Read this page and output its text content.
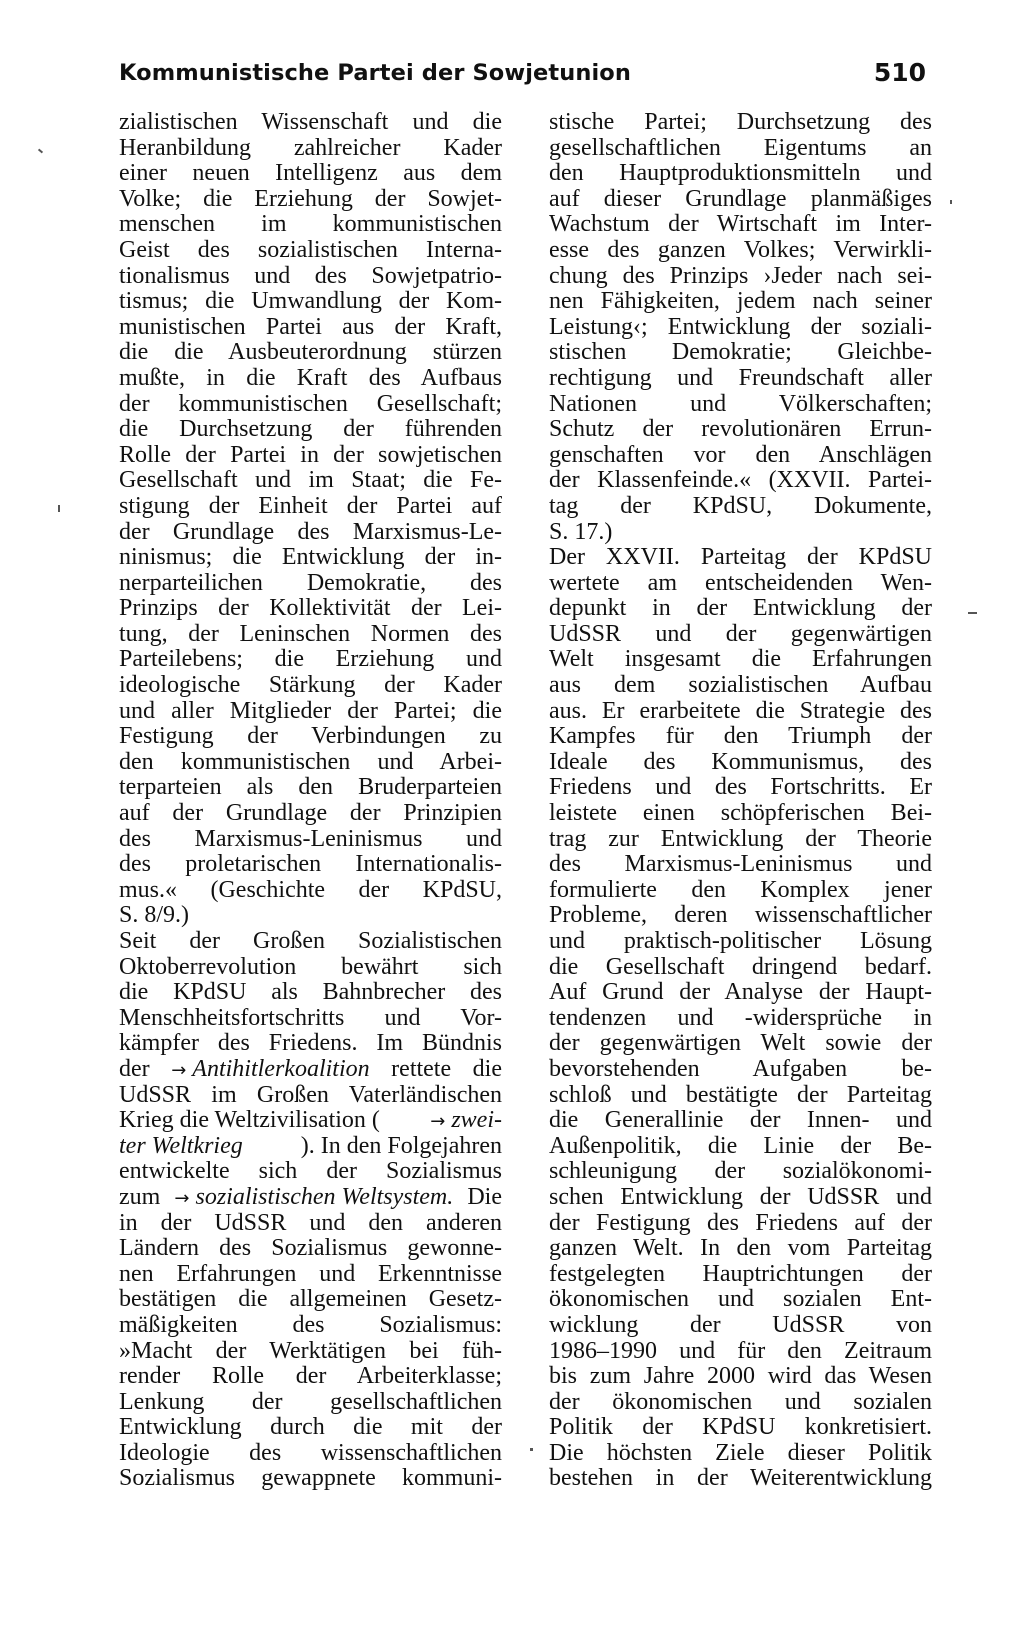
Kommunistische Partei der Sowjetunion	510
zialistischen Wissenschaft und die
Heranbildung zahlreicher Kader
einer neuen Intelligenz aus dem
Volke; die Erziehung der Sowjet-
menschen im kommunistischen
Geist des sozialistischen Interna-
tionalismus und des Sowjetpatrio-
tismus; die Umwandlung der Kom-
munistischen Partei aus der Kraft,
die die Ausbeuterordnung stürzen
mußte, in die Kraft des Aufbaus
der kommunistischen Gesellschaft;
die Durchsetzung der führenden
Rolle der Partei in der sowjetischen
Gesellschaft und im Staat; die Fe-
stigung der Einheit der Partei auf
der Grundlage des Marxismus-Le-
ninismus; die Entwicklung der in-
nerparteilichen Demokratie, des
Prinzips der Kollektivität der Lei-
tung, der Leninschen Normen des
Parteilebens; die Erziehung und
ideologische Stärkung der Kader
und aller Mitglieder der Partei; die
Festigung der Verbindungen zu
den kommunistischen und Arbei-
terparteien als den Bruderparteien
auf der Grundlage der Prinzipien
des Marxismus-Leninismus und
des proletarischen Internationalis-
mus.« (Geschichte der KPdSU,
S. 8/9.)
Seit der Großen Sozialistischen
Oktoberrevolution bewährt sich
die KPdSU als Bahnbrecher des
Menschheitsfortschritts und Vor-
kämpfer des Friedens. Im Bündnis
der → Antihitlerkoalition rettete die
UdSSR im Großen Vaterländischen
Krieg die Weltzivilisation (	→ zwei-
ter Weltkrieg ). In den Folgejahren
entwickelte sich der Sozialismus
zum → sozialistischen Weltsystem. Die
in der UdSSR und den anderen
Ländern des Sozialismus gewonne-
nen Erfahrungen und Erkenntnisse
bestätigen die allgemeinen Gesetz-
mäßigkeiten des Sozialismus:
»Macht der Werktätigen bei füh-
render Rolle der Arbeiterklasse;
Lenkung der gesellschaftlichen
Entwicklung durch die mit der
Ideologie des wissenschaftlichen
Sozialismus gewappnete kommuni-
stische Partei; Durchsetzung des
gesellschaftlichen Eigentums an
den Hauptproduktionsmitteln und
auf dieser Grundlage planmäßiges
Wachstum der Wirtschaft im Inter-
esse des ganzen Volkes; Verwirkli-
chung des Prinzips ›Jeder nach sei-
nen Fähigkeiten, jedem nach seiner
Leistung‹; Entwicklung der soziali-
stischen Demokratie; Gleichbe-
rechtigung und Freundschaft aller
Nationen und Völkerschaften;
Schutz der revolutionären Errun-
genschaften vor den Anschlägen
der Klassenfeinde.« (XXVII. Partei-
tag der KPdSU, Dokumente,
S. 17.)
Der XXVII. Parteitag der KPdSU
wertete am entscheidenden Wen-
depunkt in der Entwicklung der
UdSSR und der gegenwärtigen
Welt insgesamt die Erfahrungen
aus dem sozialistischen Aufbau
aus. Er erarbeitete die Strategie des
Kampfes für den Triumph der
Ideale des Kommunismus, des
Friedens und des Fortschritts. Er
leistete einen schöpferischen Bei-
trag zur Entwicklung der Theorie
des Marxismus-Leninismus und
formulierte den Komplex jener
Probleme, deren wissenschaftlicher
und praktisch-politischer Lösung
die Gesellschaft dringend bedarf.
Auf Grund der Analyse der Haupt-
tendenzen und -widersprüche in
der gegenwärtigen Welt sowie der
bevorstehenden Aufgaben be-
schloß und bestätigte der Parteitag
die Generallinie der Innen- und
Außenpolitik, die Linie der Be-
schleunigung der sozialökonomi-
schen Entwicklung der UdSSR und
der Festigung des Friedens auf der
ganzen Welt. In den vom Parteitag
festgelegten Hauptrichtungen der
ökonomischen und sozialen Ent-
wicklung der UdSSR von
1986–1990 und für den Zeitraum
bis zum Jahre 2000 wird das Wesen
der ökonomischen und sozialen
Politik der KPdSU konkretisiert.
Die höchsten Ziele dieser Politik
bestehen in der Weiterentwicklung
